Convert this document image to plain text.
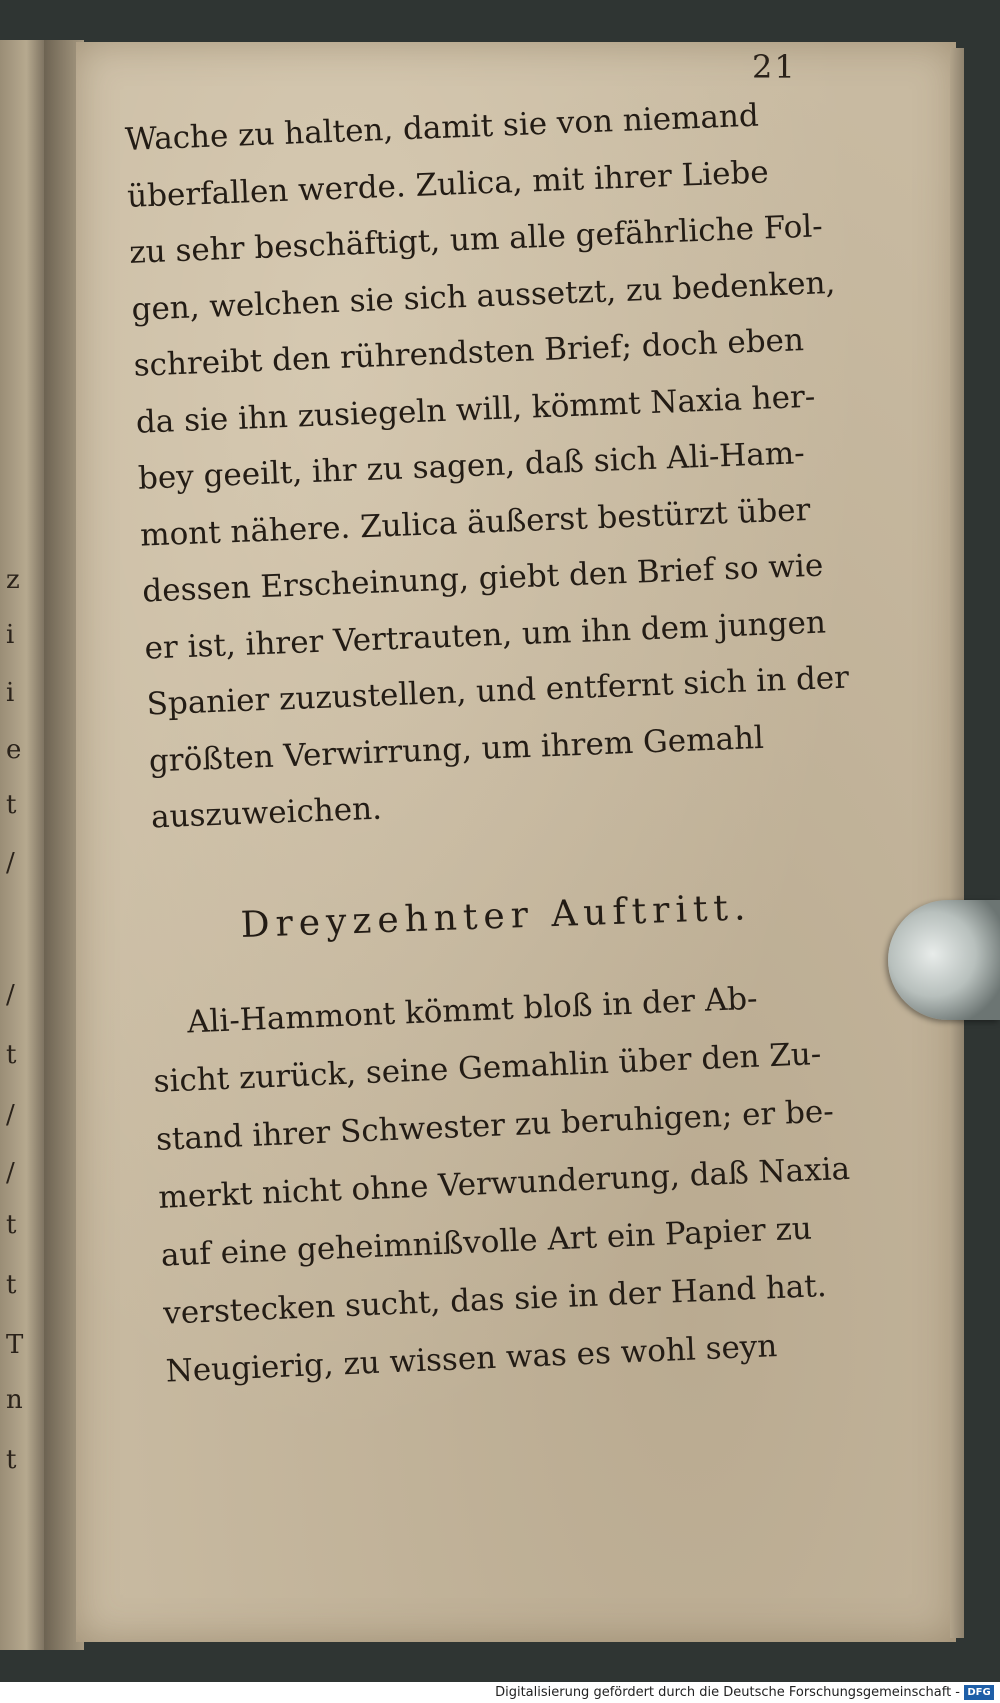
z
i
i
e
t
/
/
t
/
/
t
t
T
n
t
21
Wache zu halten, damit sie von niemand
überfallen werde. Zulica, mit ihrer Liebe
zu sehr beschäftigt, um alle gefährliche Fol-
gen, welchen sie sich aussetzt, zu bedenken,
schreibt den rührendsten Brief; doch eben
da sie ihn zusiegeln will, kömmt Naxia her-
bey geeilt, ihr zu sagen, daß sich Ali-Ham-
mont nähere. Zulica äußerst bestürzt über
dessen Erscheinung, giebt den Brief so wie
er ist, ihrer Vertrauten, um ihn dem jungen
Spanier zuzustellen, und entfernt sich in der
größten Verwirrung, um ihrem Gemahl
auszuweichen.
Dreyzehnter Auftritt.
Ali-Hammont kömmt bloß in der Ab-
sicht zurück, seine Gemahlin über den Zu-
stand ihrer Schwester zu beruhigen; er be-
merkt nicht ohne Verwunderung, daß Naxia
auf eine geheimnißvolle Art ein Papier zu
verstecken sucht, das sie in der Hand hat.
Neugierig, zu wissen was es wohl seyn
Digitalisierung gefördert durch die Deutsche Forschungsgemeinschaft - DFG
